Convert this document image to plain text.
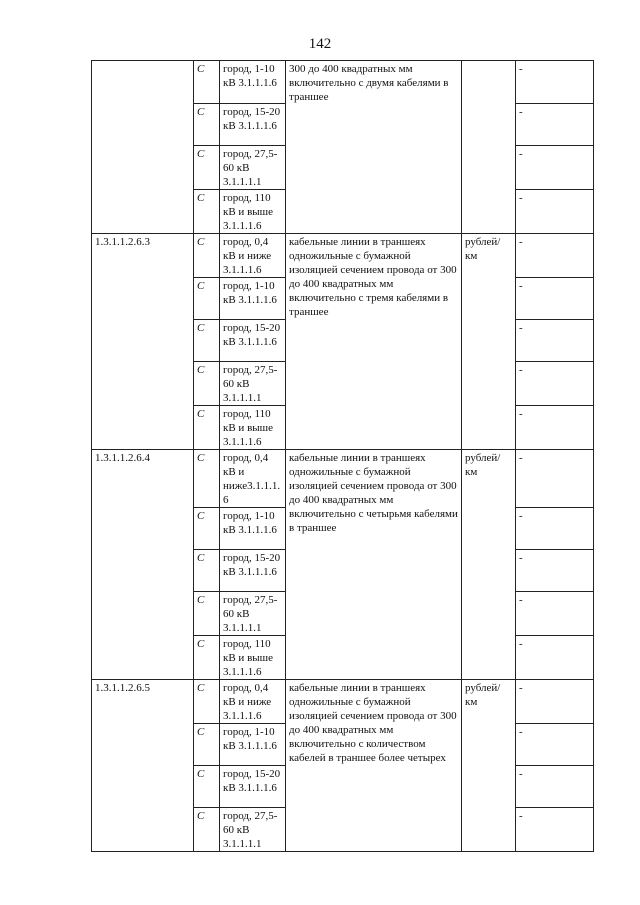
142
	С	город, 1-10 кВ 3.1.1.1.6	300 до 400 квадратных мм включительно с двумя кабелями в траншее		-
	С	город, 15-20 кВ 3.1.1.1.6			-
	С	город, 27,5-60 кВ 3.1.1.1.1			-
	С	город, 110 кВ и выше 3.1.1.1.6			-
1.3.1.1.2.6.3	С	город, 0,4 кВ и ниже 3.1.1.1.6	кабельные линии в траншеях одножильные с бумажной изоляцией сечением провода от 300 до 400 квадратных мм включительно с тремя кабелями в траншее	рублей/км	-
	С	город, 1-10 кВ 3.1.1.1.6			-
	С	город, 15-20 кВ 3.1.1.1.6			-
	С	город, 27,5-60 кВ 3.1.1.1.1			-
	С	город, 110 кВ и выше 3.1.1.1.6			-
1.3.1.1.2.6.4	С	город, 0,4 кВ и ниже3.1.1.1.6	кабельные линии в траншеях одножильные с бумажной изоляцией сечением провода от 300 до 400 квадратных мм включительно с четырьмя кабелями в траншее	рублей/км	-
	С	город, 1-10 кВ 3.1.1.1.6			-
	С	город, 15-20 кВ 3.1.1.1.6			-
	С	город, 27,5-60 кВ 3.1.1.1.1			-
	С	город, 110 кВ и выше 3.1.1.1.6			-
1.3.1.1.2.6.5	С	город, 0,4 кВ и ниже 3.1.1.1.6	кабельные линии в траншеях одножильные с бумажной изоляцией сечением провода от 300 до 400 квадратных мм включительно с количеством кабелей в траншее более четырех	рублей/км	-
	С	город, 1-10 кВ 3.1.1.1.6			-
	С	город, 15-20 кВ 3.1.1.1.6			-
	С	город, 27,5-60 кВ 3.1.1.1.1			-
